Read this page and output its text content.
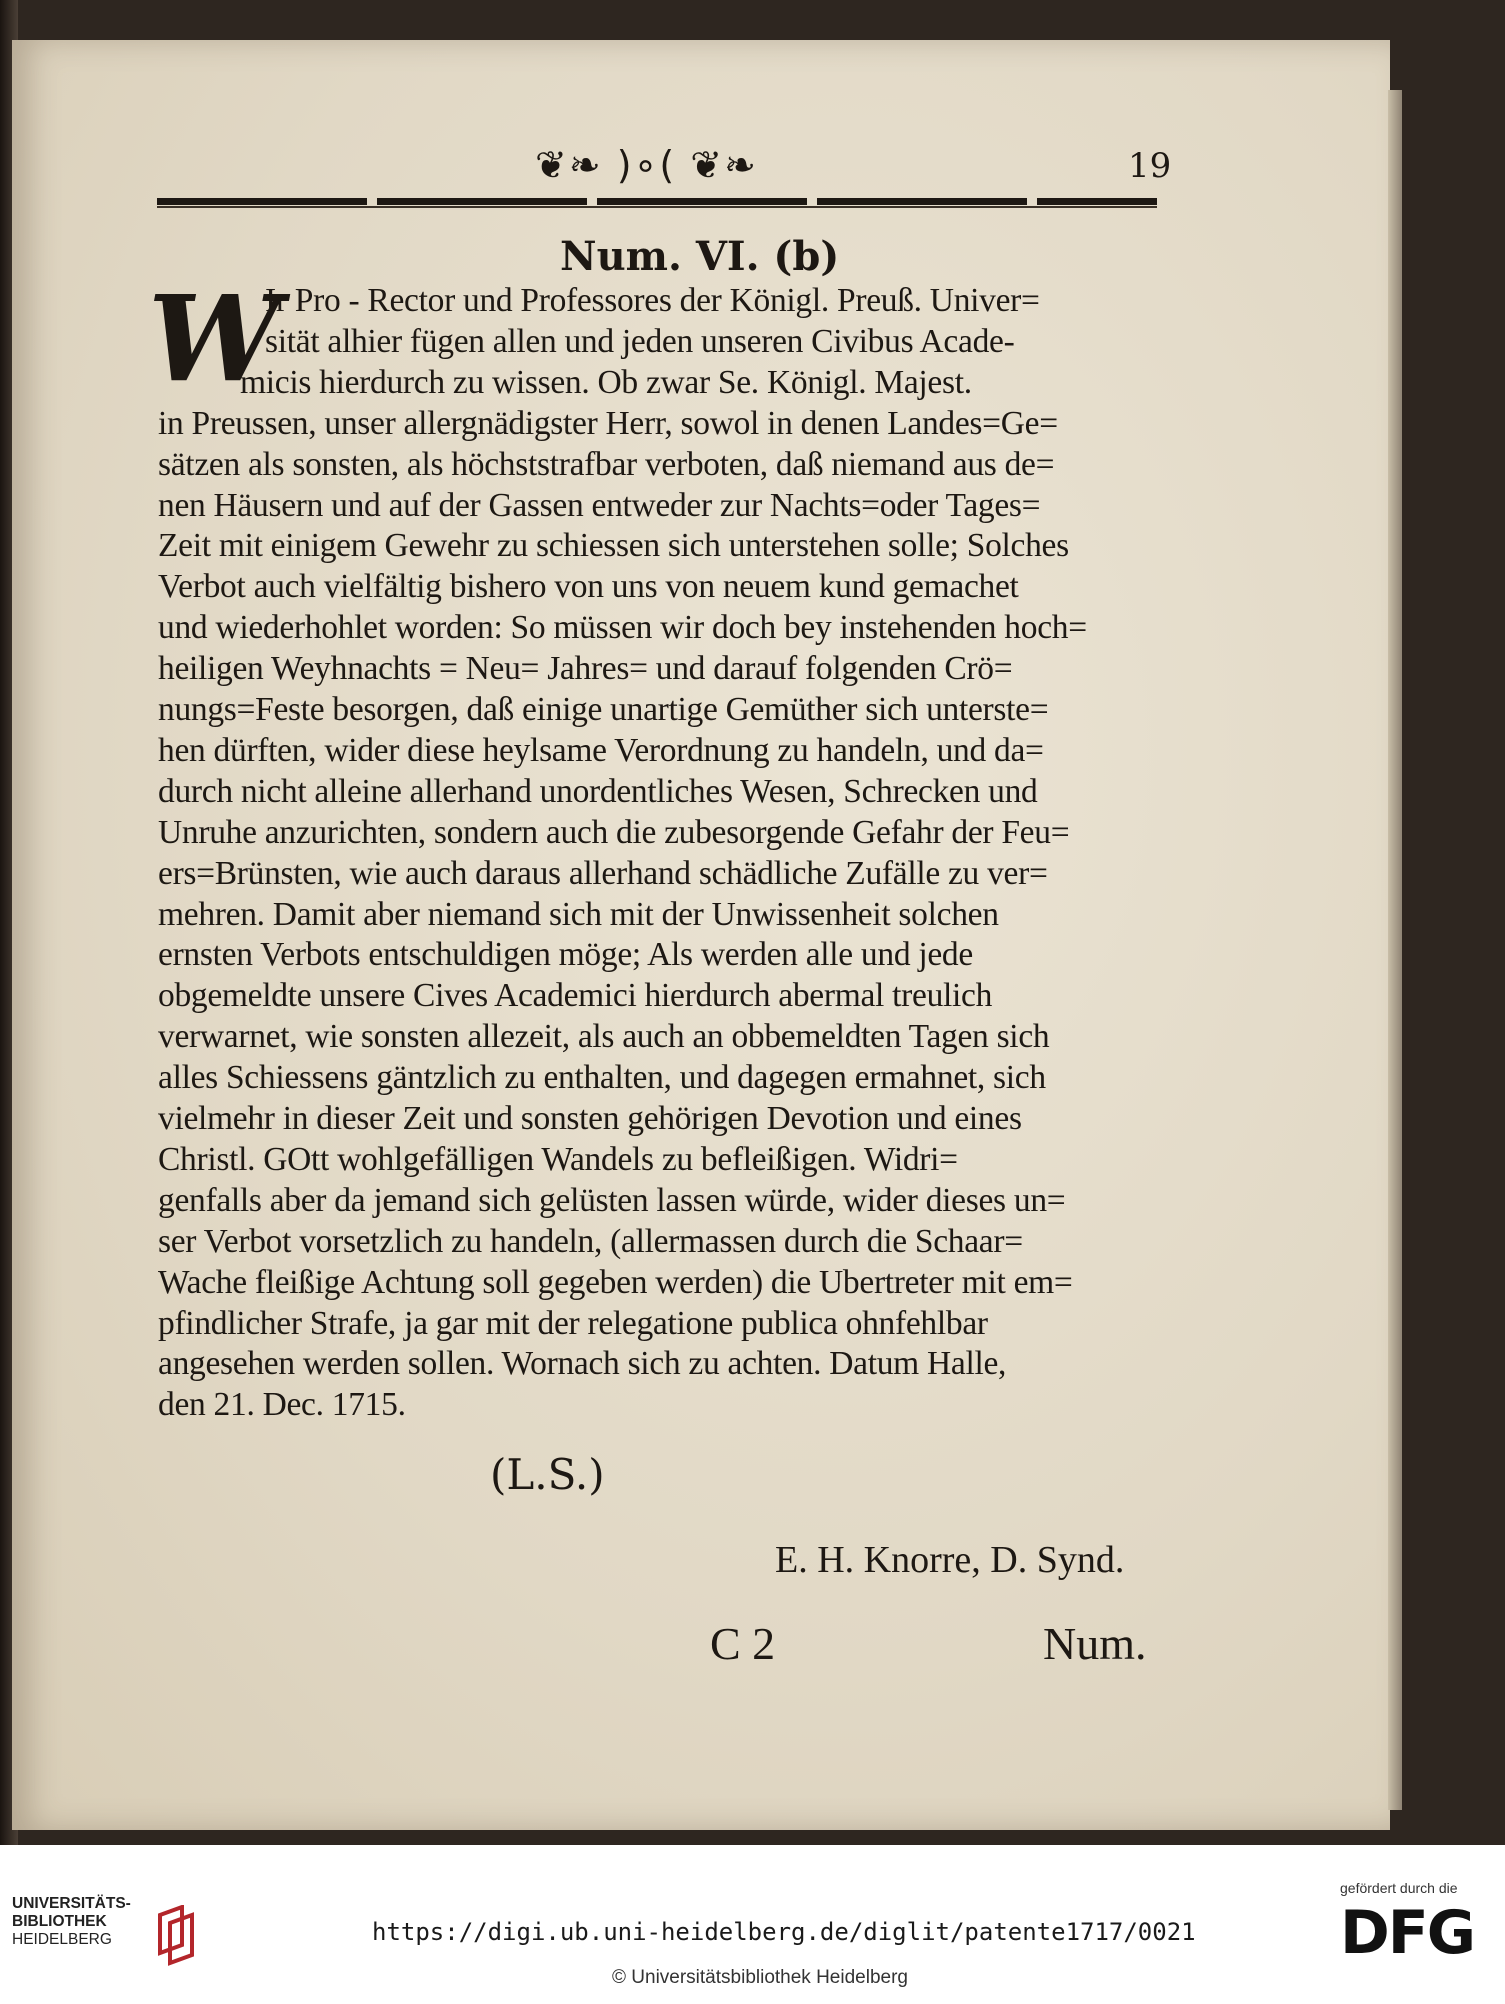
❦❧ )∘( ❦❧	19
Num. VI. (b)
W
Ir Pro - Rector und Professores der Königl. Preuß. Univer=
sität alhier fügen allen und jeden unseren Civibus Acade-
micis hierdurch zu wissen. Ob zwar Se. Königl. Majest.
in Preussen, unser allergnädigster Herr, sowol in denen Landes=Ge=
sätzen als sonsten, als höchststrafbar verboten, daß niemand aus de=
nen Häusern und auf der Gassen entweder zur Nachts=oder Tages=
Zeit mit einigem Gewehr zu schiessen sich unterstehen solle; Solches
Verbot auch vielfältig bishero von uns von neuem kund gemachet
und wiederhohlet worden: So müssen wir doch bey instehenden hoch=
heiligen Weyhnachts = Neu= Jahres= und darauf folgenden Crö=
nungs=Feste besorgen, daß einige unartige Gemüther sich unterste=
hen dürften, wider diese heylsame Verordnung zu handeln, und da=
durch nicht alleine allerhand unordentliches Wesen, Schrecken und
Unruhe anzurichten, sondern auch die zubesorgende Gefahr der Feu=
ers=Brünsten, wie auch daraus allerhand schädliche Zufälle zu ver=
mehren. Damit aber niemand sich mit der Unwissenheit solchen
ernsten Verbots entschuldigen möge; Als werden alle und jede
obgemeldte unsere Cives Academici hierdurch abermal treulich
verwarnet, wie sonsten allezeit, als auch an obbemeldten Tagen sich
alles Schiessens gäntzlich zu enthalten, und dagegen ermahnet, sich
vielmehr in dieser Zeit und sonsten gehörigen Devotion und eines
Christl. GOtt wohlgefälligen Wandels zu befleißigen. Widri=
genfalls aber da jemand sich gelüsten lassen würde, wider dieses un=
ser Verbot vorsetzlich zu handeln, (allermassen durch die Schaar=
Wache fleißige Achtung soll gegeben werden) die Ubertreter mit em=
pfindlicher Strafe, ja gar mit der relegatione publica ohnfehlbar
angesehen werden sollen. Wornach sich zu achten. Datum Halle,
den 21. Dec. 1715.
(L.S.)
E. H. Knorre, D. Synd.
C 2	Num.
UNIVERSITÄTS-
BIBLIOTHEK
HEIDELBERG	https://digi.ub.uni-heidelberg.de/diglit/patente1717/0021
© Universitätsbibliothek Heidelberg
gefördert durch die
DFG
